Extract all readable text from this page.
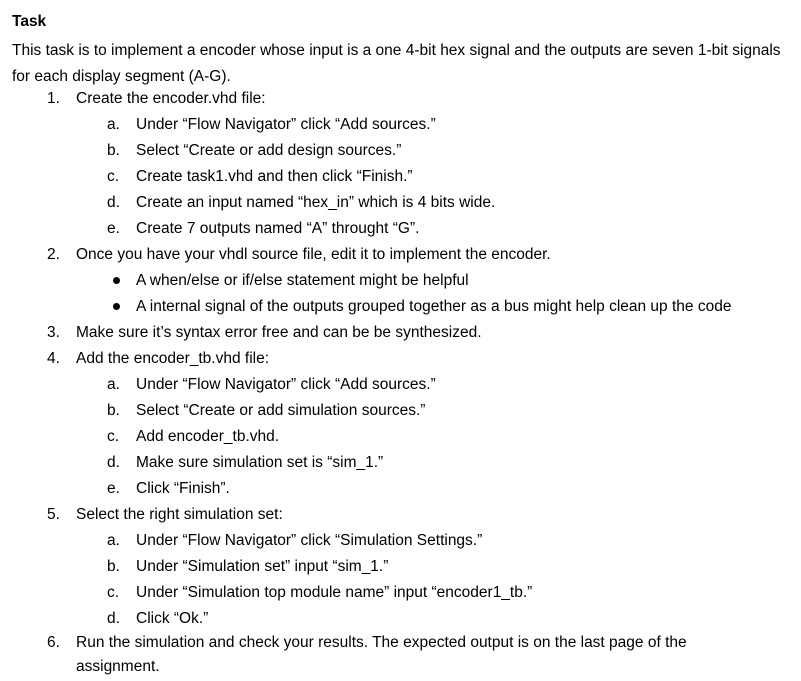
Task
This task is to implement a encoder whose input is a one 4-bit hex signal and the outputs are seven 1-bit signals for each display segment (A-G).
1. Create the encoder.vhd file:
a. Under “Flow Navigator” click “Add sources.”
b. Select “Create or add design sources.”
c. Create task1.vhd and then click “Finish.”
d. Create an input named “hex_in” which is 4 bits wide.
e. Create 7 outputs named “A” throught “G”.
2. Once you have your vhdl source file, edit it to implement the encoder.
A when/else or if/else statement might be helpful
A internal signal of the outputs grouped together as a bus might help clean up the code
3. Make sure it’s syntax error free and can be be synthesized.
4. Add the encoder_tb.vhd file:
a. Under “Flow Navigator” click “Add sources.”
b. Select “Create or add simulation sources.”
c. Add encoder_tb.vhd.
d. Make sure simulation set is “sim_1.”
e. Click “Finish”.
5. Select the right simulation set:
a. Under “Flow Navigator” click “Simulation Settings.”
b. Under “Simulation set” input “sim_1.”
c. Under “Simulation top module name” input “encoder1_tb.”
d. Click “Ok.”
6. Run the simulation and check your results. The expected output is on the last page of the
assignment.
